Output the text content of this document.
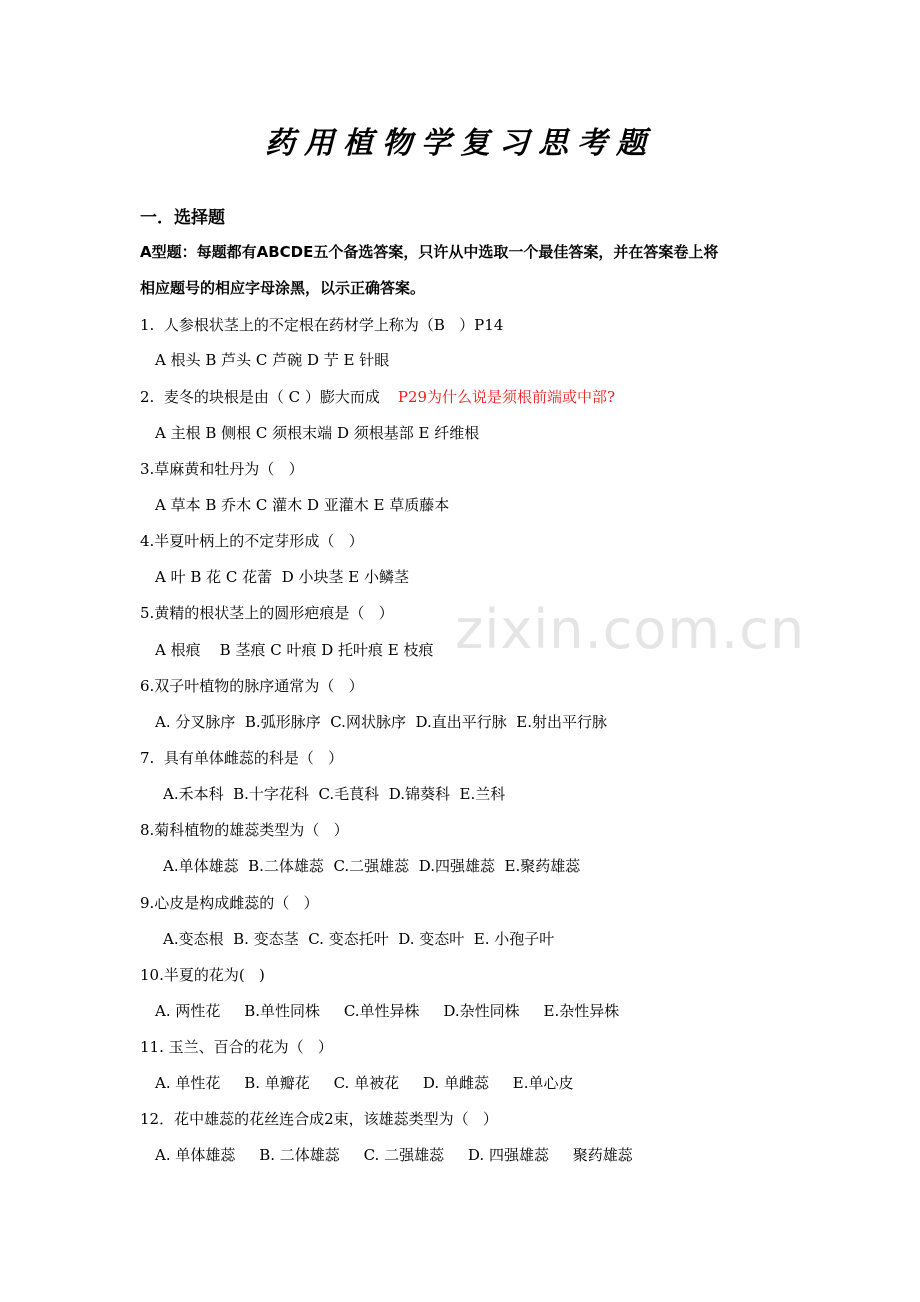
zixin.com.cn
药用植物学复习思考题
一．选择题
A型题：每题都有ABCDE五个备选答案，只许从中选取一个最佳答案，并在答案卷上将
相应题号的相应字母涂黑，以示正确答案。
1.  人参根状茎上的不定根在药材学上称为（B   ）P14
A 根头 B 芦头 C 芦碗 D 艼 E 针眼
2.  麦冬的块根是由（ C ）膨大而成 P29为什么说是须根前端或中部?
A 主根 B 侧根 C 须根末端 D 须根基部 E 纤维根
3.草麻黄和牡丹为（   ）
A 草本 B 乔木 C 灌木 D 亚灌木 E 草质藤本
4.半夏叶柄上的不定芽形成（   ）
A 叶 B 花 C 花蕾  D 小块茎 E 小鳞茎
5.黄精的根状茎上的圆形疤痕是（   ）
A 根痕    B 茎痕 C 叶痕 D 托叶痕 E 枝痕
6.双子叶植物的脉序通常为（   ）
A. 分叉脉序  B.弧形脉序  C.网状脉序  D.直出平行脉  E.射出平行脉
7.  具有单体雌蕊的科是（   ）
A.禾本科  B.十字花科  C.毛茛科  D.锦葵科  E.兰科
8.菊科植物的雄蕊类型为（   ）
A.单体雄蕊  B.二体雄蕊  C.二强雄蕊  D.四强雄蕊  E.聚药雄蕊
9.心皮是构成雌蕊的（   ）
A.变态根  B. 变态茎  C. 变态托叶  D. 变态叶  E. 小孢子叶
10.半夏的花为(   )
A. 两性花     B.单性同株     C.单性异株     D.杂性同株     E.杂性异株
11. 玉兰、百合的花为（   ）
A. 单性花     B. 单瓣花     C. 单被花     D. 单雌蕊     E.单心皮
12．花中雄蕊的花丝连合成2束，该雄蕊类型为（   ）
A. 单体雄蕊     B. 二体雄蕊     C. 二强雄蕊     D. 四强雄蕊     聚药雄蕊
